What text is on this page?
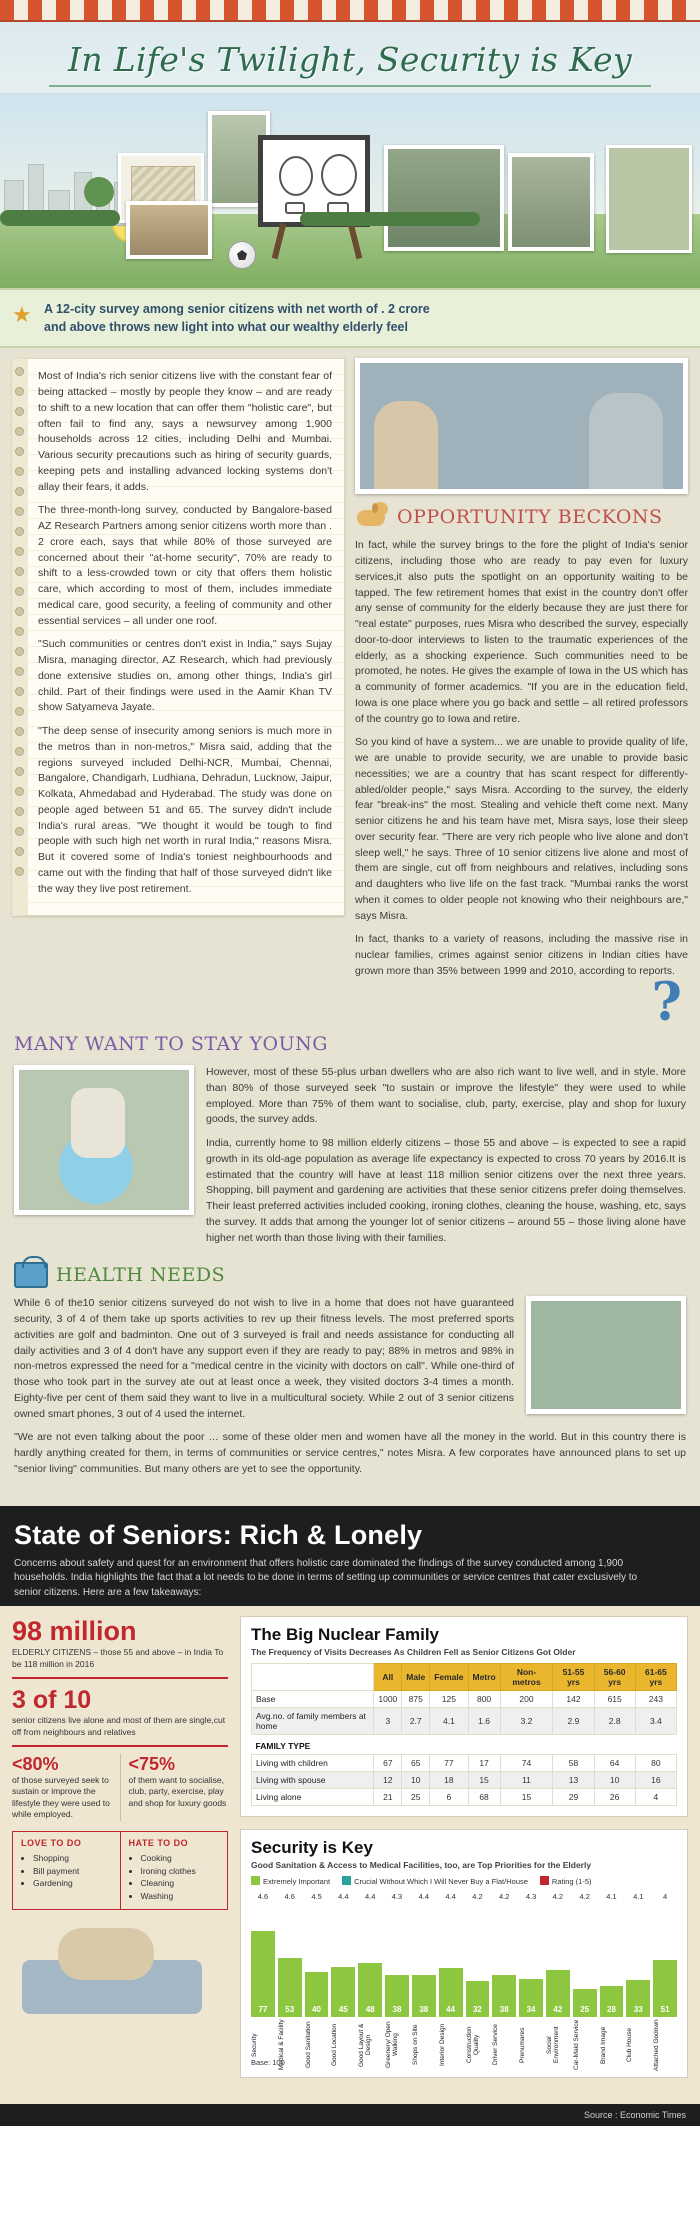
In Life's Twilight, Security is Key
★ A 12-city survey among senior citizens with net worth of . 2 crore and above throws new light into what our wealthy elderly feel

Most of India's rich senior citizens live with the constant fear of being attacked – mostly by people they know – and are ready to shift to a new location that can offer them "holistic care", but often fail to find any, says a newsurvey among 1,900 households across 12 cities, including Delhi and Mumbai. Various security precautions such as hiring of security guards, keeping pets and installing advanced locking systems don't allay their fears, it adds.

The three-month-long survey, conducted by Bangalore-based AZ Research Partners among senior citizens worth more than . 2 crore each, says that while 80% of those surveyed are concerned about their "at-home security", 70% are ready to shift to a less-crowded town or city that offers them holistic care, which according to most of them, includes immediate medical care, good security, a feeling of community and other essential services – all under one roof.

"Such communities or centres don't exist in India," says Sujay Misra, managing director, AZ Research, which had previously done extensive studies on, among other things, India's girl child. Part of their findings were used in the Aamir Khan TV show Satyameva Jayate.

"The deep sense of insecurity among seniors is much more in the metros than in non-metros," Misra said, adding that the regions surveyed included Delhi-NCR, Mumbai, Chennai, Bangalore, Chandigarh, Ludhiana, Dehradun, Lucknow, Jaipur, Kolkata, Ahmedabad and Hyderabad. The study was done on people aged between 51 and 65. The survey didn't include India's rural areas. "We thought it would be tough to find people with such high net worth in rural India," reasons Misra. But it covered some of India's toniest neighbourhoods and came out with the finding that half of those surveyed didn't like the way they live post retirement.

OPPORTUNITY BECKONS

In fact, while the survey brings to the fore the plight of India's senior citizens, including those who are ready to pay even for luxury services,it also puts the spotlight on an opportunity waiting to be tapped. The few retirement homes that exist in the country don't offer any sense of community for the elderly because they are just there for "real estate" purposes, rues Misra who described the survey, especially door-to-door interviews to listen to the traumatic experiences of the elderly, as a shocking experience. Such communities need to be promoted, he notes. He gives the example of Iowa in the US which has a community of former academics. "If you are in the education field, Iowa is one place where you go back and settle – all retired professors of the country go to Iowa and retire.

So you kind of have a system... we are unable to provide quality of life, we are unable to provide security, we are unable to provide basic necessities; we are a country that has scant respect for differently-abled/older people," says Misra. According to the survey, the elderly fear "break-ins" the most. Stealing and vehicle theft come next. Many senior citizens he and his team have met, Misra says, lose their sleep over security fear. "There are very rich people who live alone and don't sleep well," he says. Three of 10 senior citizens live alone and most of them are single, cut off from neighbours and relatives, including sons and daughters who live life on the fast track. "Mumbai ranks the worst when it comes to older people not knowing who their neighbours are," says Misra.

In fact, thanks to a variety of reasons, including the massive rise in nuclear families, crimes against senior citizens in Indian cities have grown more than 35% between 1999 and 2010, according to reports.

?
MANY WANT TO STAY YOUNG

However, most of these 55-plus urban dwellers who are also rich want to live well, and in style. More than 80% of those surveyed seek "to sustain or improve the lifestyle" they were used to while employed. More than 75% of them want to socialise, club, party, exercise, play and shop for luxury goods, the survey adds.

India, currently home to 98 million elderly citizens – those 55 and above – is expected to see a rapid growth in its old-age population as average life expectancy is expected to cross 70 years by 2016.It is estimated that the country will have at least 118 million senior citizens over the next three years. Shopping, bill payment and gardening are activities that these senior citizens prefer doing themselves. Their least preferred activities included cooking, ironing clothes, cleaning the house, washing, etc, says the survey. It adds that among the younger lot of senior citizens – around 55 – those living alone have higher net worth than those living with their families.

HEALTH NEEDS

While 6 of the10 senior citizens surveyed do not wish to live in a home that does not have guaranteed security, 3 of 4 of them take up sports activities to rev up their fitness levels. The most preferred sports activities are golf and badminton. One out of 3 surveyed is frail and needs assistance for conducting all daily activities and 3 of 4 don't have any support even if they are ready to pay; 88% in metros and 98% in non-metros expressed the need for a "medical centre in the vicinity with doctors on call". While one-third of those who took part in the survey ate out at least once a week, they visited doctors 3-4 times a month. Eighty-five per cent of them said they want to live in a multicultural society. While 2 out of 3 senior citizens owned smart phones, 3 out of 4 used the internet.

"We are not even talking about the poor … some of these older men and women have all the money in the world. But in this country there is hardly anything created for them, in terms of communities or service centres," notes Misra. A few corporates have announced plans to set up "senior living" communities. But many others are yet to see the opportunity.

State of Seniors: Rich & Lonely
Concerns about safety and quest for an environment that offers holistic care dominated the findings of the survey conducted among 1,900 households. India highlights the fact that a lot needs to be done in terms of setting up communities or service centres that cater exclusively to senior citizens. Here are a few takeaways:
98 million
ELDERLY CITIZENS – those 55 and above – in India To be 118 million in 2016
3 of 10
senior citizens live alone and most of them are single,cut off from neighbours and relatives
<80%
of those surveyed seek to sustain or improve the lifestyle they were used to while employed.
<75%
of them want to socialise, club, party, exercise, play and shop for luxury goods
LOVE TO DO
• Shopping
• Bill payment
• Gardening
HATE TO DO
• Cooking
• Ironing clothes
• Cleaning
• Washing
The Big Nuclear Family
The Frequency of Visits Decreases As Children Fell as Senior Citizens Got Older
	All	Male	Female	Metro	Non-metros	51-55 yrs	56-60 yrs	61-65 yrs
Base	1000	875	125	800	200	142	615	243
Avg.no. of family members at home	3	2.7	4.1	1.6	3.2	2.9	2.8	3.4
FAMILY TYPE								
Living with children	67	65	77	17	74	58	64	80
Living with spouse	12	10	18	15	11	13	10	16
Living alone	21	25	6	68	15	29	26	4
Security is Key
Good Sanitation & Access to Medical Facilities, too, are Top Priorities for the Elderly
Extremely Important	Crucial Without Which I Will Never Buy a Flat/House	Rating (1-5)
4.6	4.6	4.5	4.4	4.4	4.3	4.4	4.4	4.2	4.2	4.3	4.2	4.2	4.1	4.1	4
77	53	40	45	48	38	38	44	32	38	34	42	25	28	33	51
Security	Medical & Facility	Good Sanitation	Good Location	Good Layout & Design	Greenery/ Open Walking	Shops on Site	Interior Design	Construction Quality	Driver Service	Prenumares	Social Environment	Car-Maid Service	Brand Image	Club House	Attached Godown
Base: 100
Source : Economic Times
